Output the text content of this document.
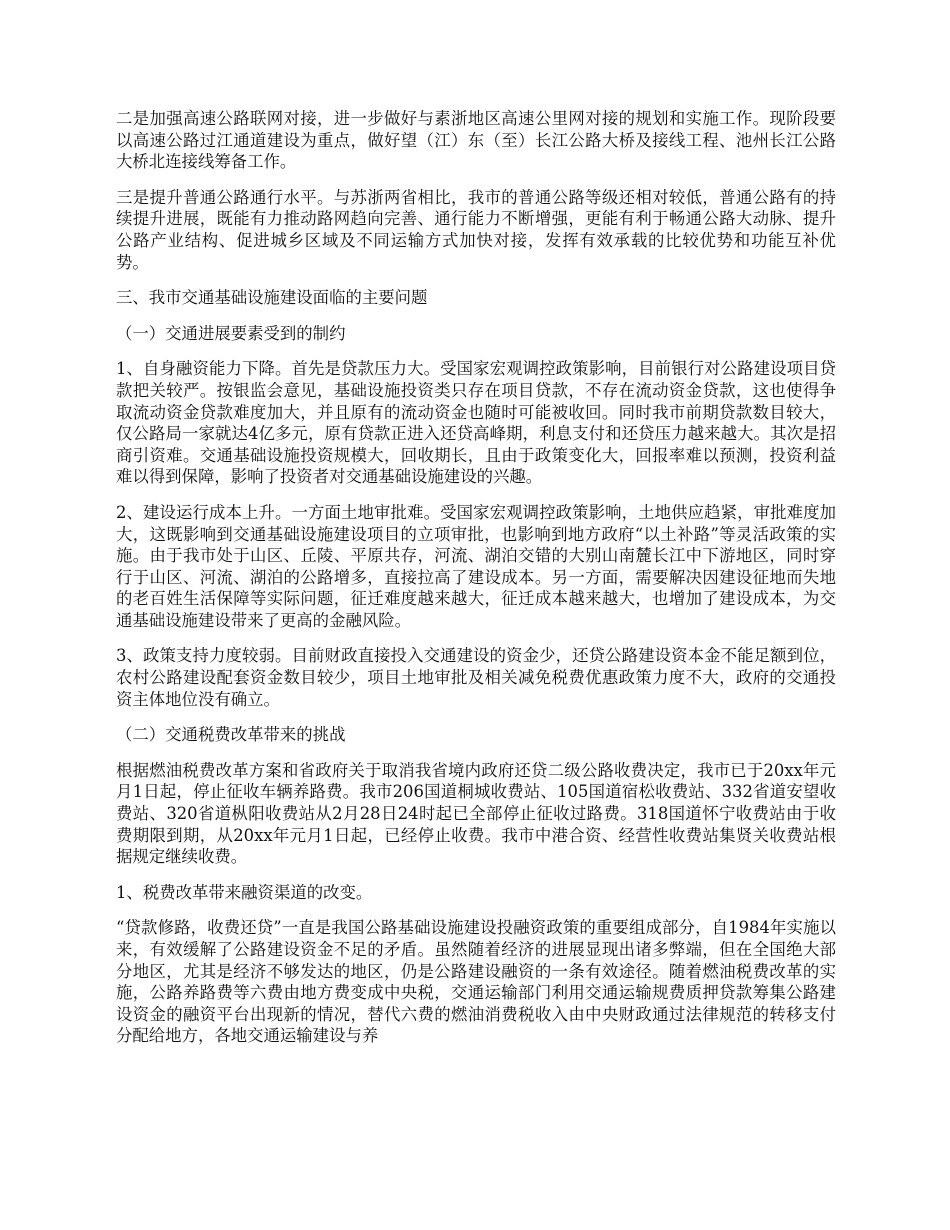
二是加强高速公路联网对接，进一步做好与素浙地区高速公里网对接的规划和实施工作。现阶段要以高速公路过江通道建设为重点，做好望（江）东（至）长江公路大桥及接线工程、池州长江公路大桥北连接线筹备工作。

三是提升普通公路通行水平。与苏浙两省相比，我市的普通公路等级还相对较低，普通公路有的持续提升进展，既能有力推动路网趋向完善、通行能力不断增强，更能有利于畅通公路大动脉、提升公路产业结构、促进城乡区域及不同运输方式加快对接，发挥有效承载的比较优势和功能互补优势。

三、我市交通基础设施建设面临的主要问题

（一）交通进展要素受到的制约

1、自身融资能力下降。首先是贷款压力大。受国家宏观调控政策影响，目前银行对公路建设项目贷款把关较严。按银监会意见，基础设施投资类只存在项目贷款，不存在流动资金贷款，这也使得争取流动资金贷款难度加大，并且原有的流动资金也随时可能被收回。同时我市前期贷款数目较大，仅公路局一家就达4亿多元，原有贷款正进入还贷高峰期，利息支付和还贷压力越来越大。其次是招商引资难。交通基础设施投资规模大，回收期长，且由于政策变化大，回报率难以预测，投资利益难以得到保障，影响了投资者对交通基础设施建设的兴趣。

2、建设运行成本上升。一方面土地审批难。受国家宏观调控政策影响，土地供应趋紧，审批难度加大，这既影响到交通基础设施建设项目的立项审批，也影响到地方政府“以土补路”等灵活政策的实施。由于我市处于山区、丘陵、平原共存，河流、湖泊交错的大别山南麓长江中下游地区，同时穿行于山区、河流、湖泊的公路增多，直接拉高了建设成本。另一方面，需要解决因建设征地而失地的老百姓生活保障等实际问题，征迁难度越来越大，征迁成本越来越大，也增加了建设成本，为交通基础设施建设带来了更高的金融风险。

3、政策支持力度较弱。目前财政直接投入交通建设的资金少，还贷公路建设资本金不能足额到位，农村公路建设配套资金数目较少，项目土地审批及相关减免税费优惠政策力度不大，政府的交通投资主体地位没有确立。

（二）交通税费改革带来的挑战

根据燃油税费改革方案和省政府关于取消我省境内政府还贷二级公路收费决定，我市已于20xx年元月1日起，停止征收车辆养路费。我市206国道桐城收费站、105国道宿松收费站、332省道安望收费站、320省道枞阳收费站从2月28日24时起已全部停止征收过路费。318国道怀宁收费站由于收费期限到期，从20xx年元月1日起，已经停止收费。我市中港合资、经营性收费站集贤关收费站根据规定继续收费。

1、税费改革带来融资渠道的改变。

“贷款修路，收费还贷”一直是我国公路基础设施建设投融资政策的重要组成部分，自1984年实施以来，有效缓解了公路建设资金不足的矛盾。虽然随着经济的进展显现出诸多弊端，但在全国绝大部分地区，尤其是经济不够发达的地区，仍是公路建设融资的一条有效途径。随着燃油税费改革的实施，公路养路费等六费由地方费变成中央税，交通运输部门利用交通运输规费质押贷款筹集公路建设资金的融资平台出现新的情况，替代六费的燃油消费税收入由中央财政通过法律规范的转移支付分配给地方，各地交通运输建设与养
